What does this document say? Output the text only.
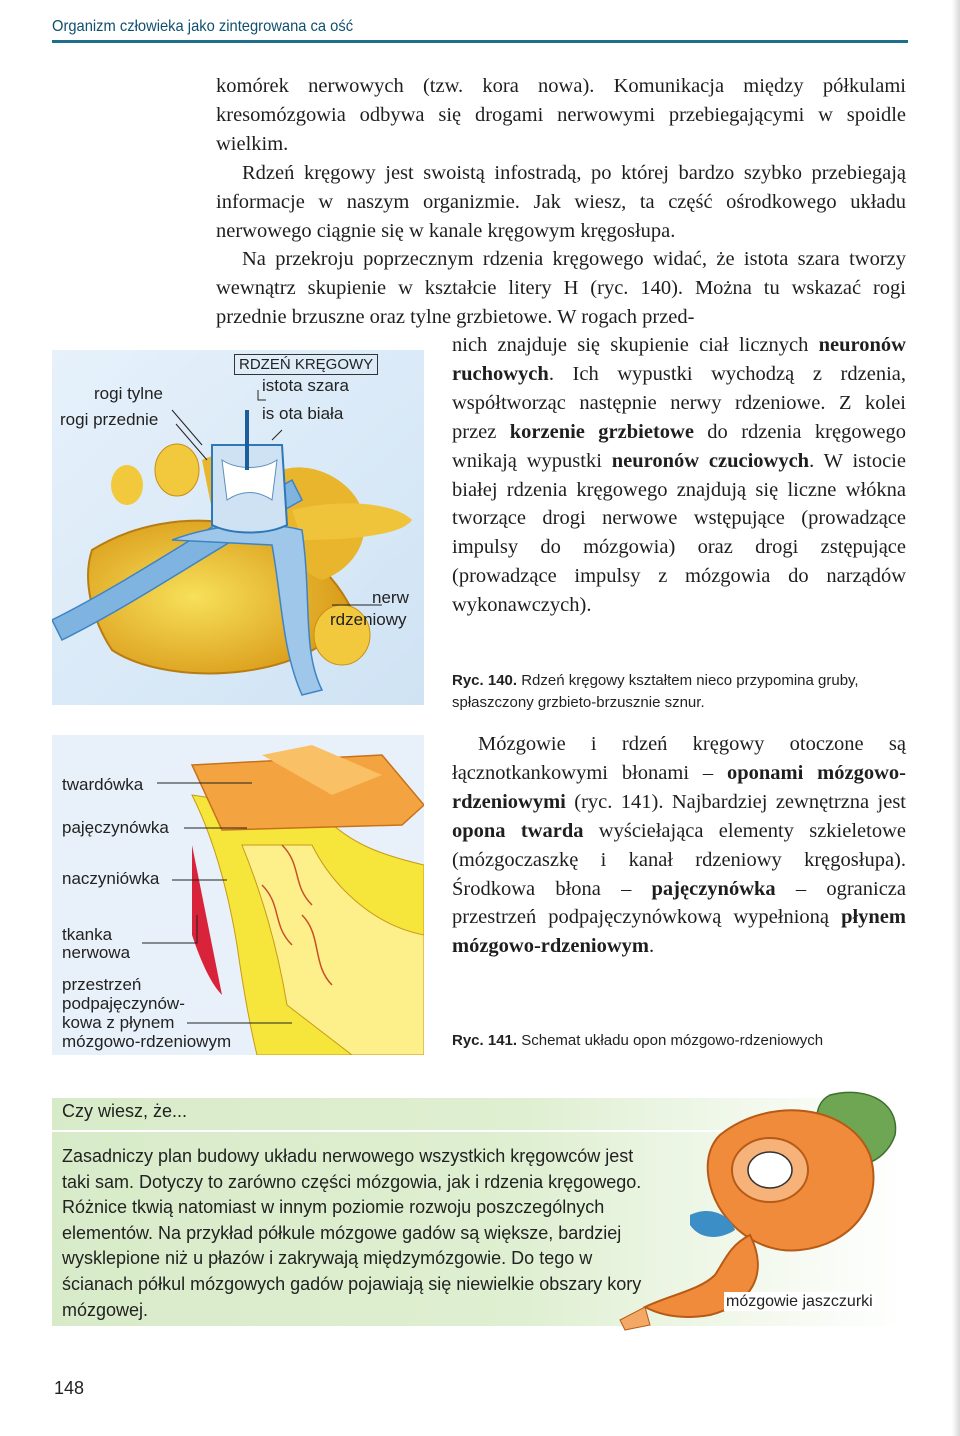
Organizm człowieka jako zintegrowana ca ość

komórek nerwowych (tzw. kora nowa). Komunikacja między półkulami kresomózgowia odbywa się drogami nerwowymi przebiegającymi w spoidle wielkim.

Rdzeń kręgowy jest swoistą infostradą, po której bardzo szybko przebiegają informacje w naszym organizmie. Jak wiesz, ta część ośrodkowego układu nerwowego ciągnie się w kanale kręgowym kręgosłupa.

Na przekroju poprzecznym rdzenia kręgowego widać, że istota szara tworzy wewnątrz skupienie w kształcie litery H (ryc. 140). Można tu wskazać rogi przednie brzuszne oraz tylne grzbietowe. W rogach przed-

nich znajduje się skupienie ciał licznych neuronów ruchowych. Ich wypustki wychodzą z rdzenia, współtworząc następnie nerwy rdzeniowe. Z kolei przez korzenie grzbietowe do rdzenia kręgowego wnikają wypustki neuronów czuciowych. W istocie białej rdzenia kręgowego znajdują się liczne włókna tworzące drogi nerwowe wstępujące (prowadzące impulsy do mózgowia) oraz drogi zstępujące (prowadzące impulsy z mózgowia do narządów wykonawczych).

RDZEŃ KRĘGOWY
istota szara
is ota biała
rogi tylne
rogi przednie
nerw
rdzeniowy
Ryc. 140. Rdzeń kręgowy kształtem nieco przypomina gruby, spłaszczony grzbieto-brzusznie sznur.

Mózgowie i rdzeń kręgowy otoczone są łącznotkankowymi błonami – oponami mózgowo-rdzeniowymi (ryc. 141). Najbardziej zewnętrzna jest opona twarda wyściełająca elementy szkieletowe (mózgoczaszkę i kanał rdzeniowy kręgosłupa). Środkowa błona – pajęczynówka – ogranicza przestrzeń podpajęczynówkową wypełnioną płynem mózgowo-rdzeniowym.

twardówka
pajęczynówka
naczyniówka
tkanka
nerwowa
przestrzeń
podpajęczynów-
kowa z płynem
mózgowo-rdzeniowym	Ryc. 141. Schemat układu opon mózgowo-rdzeniowych
Czy wiesz, że...
Zasadniczy plan budowy układu nerwowego wszystkich kręgowców jest taki sam. Dotyczy to zarówno części mózgowia, jak i rdzenia kręgowego. Różnice tkwią natomiast w innym poziomie rozwoju poszczególnych elementów. Na przykład półkule mózgowe gadów są większe, bardziej wysklepione niż u płazów i zakrywają międzymózgowie. Do tego w ścianach półkul mózgowych gadów pojawiają się niewielkie obszary kory mózgowej.	mózgowie jaszczurki
148
